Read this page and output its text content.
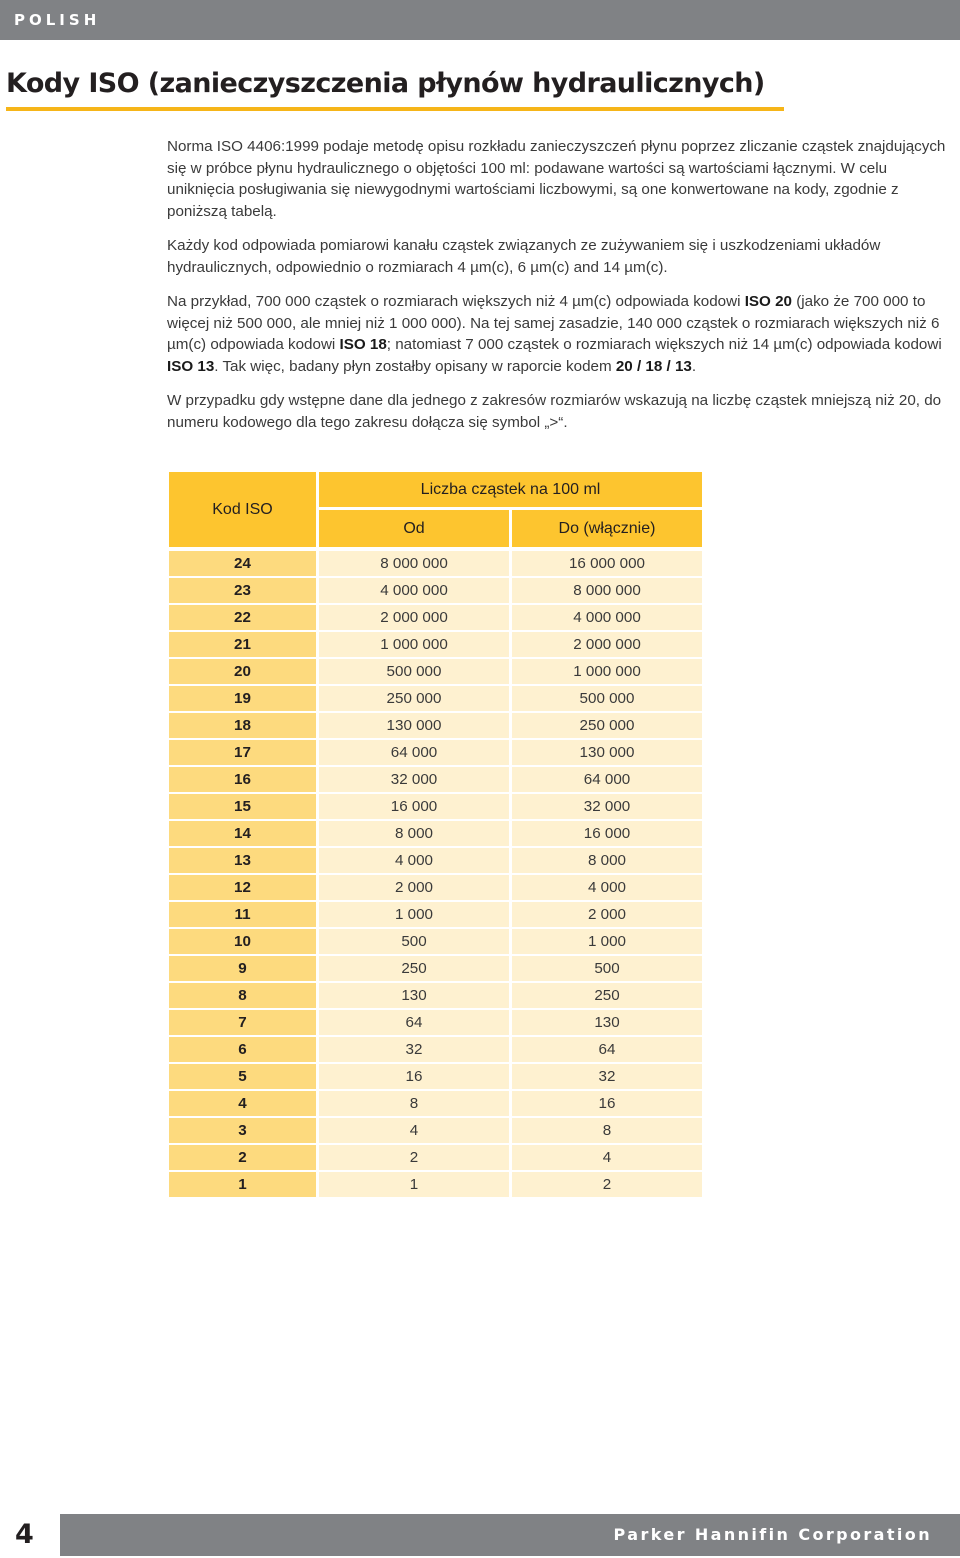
POLISH
Kody ISO (zanieczyszczenia płynów hydraulicznych)

Norma ISO 4406:1999 podaje metodę opisu rozkładu zanieczyszczeń płynu poprzez zliczanie cząstek znajdujących się w próbce płynu hydraulicznego o objętości 100 ml: podawane wartości są wartościami łącznymi. W celu uniknięcia posługiwania się niewygodnymi wartościami liczbowymi, są one konwertowane na kody, zgodnie z poniższą tabelą.

Każdy kod odpowiada pomiarowi kanału cząstek związanych ze zużywaniem się i uszkodzeniami układów hydraulicznych, odpowiednio o rozmiarach 4 µm(c), 6 µm(c) and 14 µm(c).

Na przykład, 700 000 cząstek o rozmiarach większych niż 4 µm(c) odpowiada kodowi ISO 20 (jako że 700 000 to więcej niż 500 000, ale mniej niż 1 000 000). Na tej samej zasadzie, 140 000 cząstek o rozmiarach większych niż 6 µm(c) odpowiada kodowi ISO 18; natomiast 7 000 cząstek o rozmiarach większych niż 14 µm(c) odpowiada kodowi ISO 13. Tak więc, badany płyn zostałby opisany w raporcie kodem 20 / 18 / 13.

W przypadku gdy wstępne dane dla jednego z zakresów rozmiarów wskazują na liczbę cząstek mniejszą niż 20, do numeru kodowego dla tego zakresu dołącza się symbol „>“.

Kod ISO	Liczba cząstek na 100 ml	
	Od	Do (włącznie)
24	8 000 000	16 000 000
23	4 000 000	8 000 000
22	2 000 000	4 000 000
21	1 000 000	2 000 000
20	500 000	1 000 000
19	250 000	500 000
18	130 000	250 000
17	64 000	130 000
16	32 000	64 000
15	16 000	32 000
14	8 000	16 000
13	4 000	8 000
12	2 000	4 000
11	1 000	2 000
10	500	1 000
9	250	500
8	130	250
7	64	130
6	32	64
5	16	32
4	8	16
3	4	8
2	2	4
1	1	2
4	Parker Hannifin Corporation
